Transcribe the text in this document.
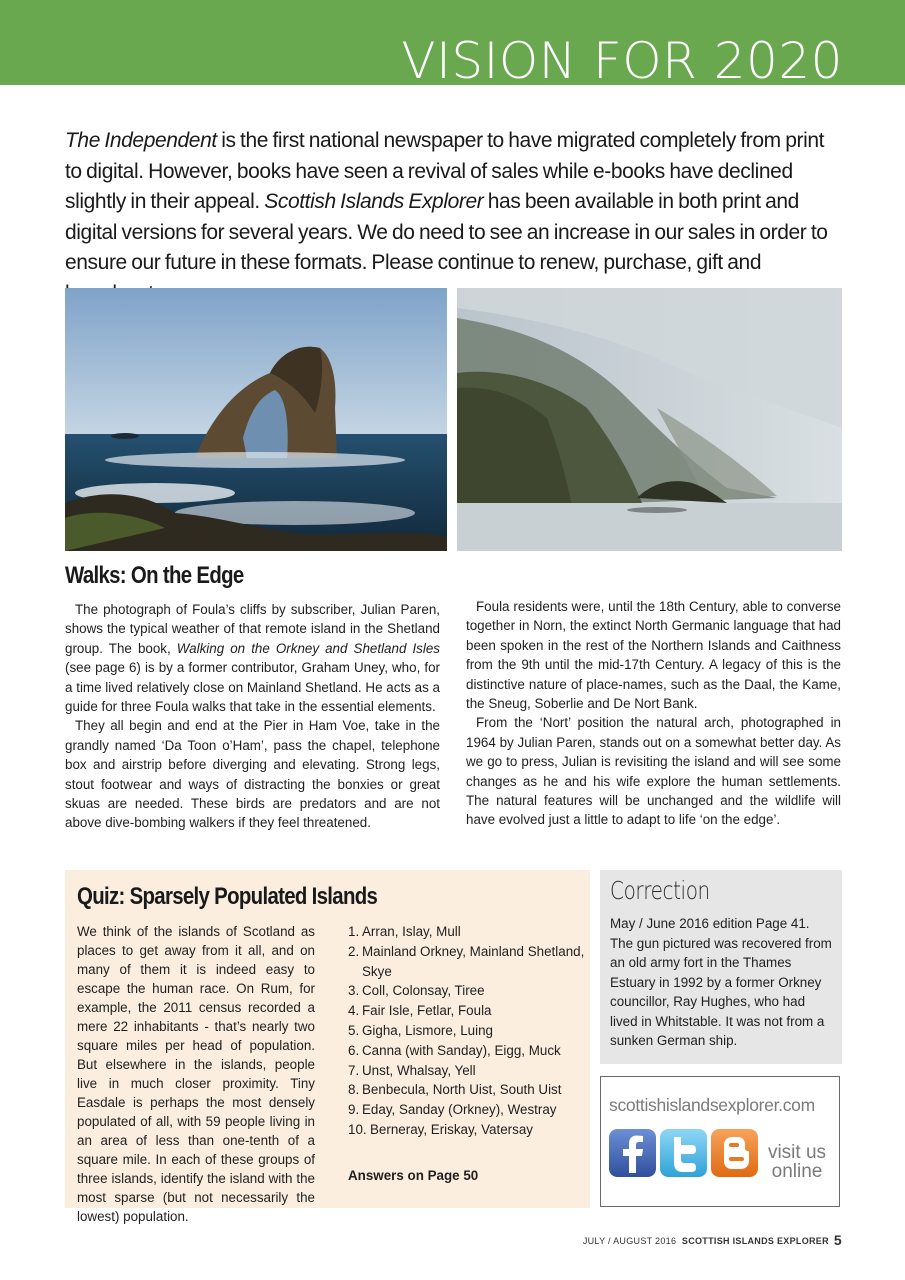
VISION FOR 2020
The Independent is the first national newspaper to have migrated completely from print to digital. However, books have seen a revival of sales while e-books have declined slightly in their appeal. Scottish Islands Explorer has been available in both print and digital versions for several years. We do need to see an increase in our sales in order to ensure our future in these formats. Please continue to renew, purchase, gift and
Walks: On the Edge

The photograph of Foula’s cliffs by subscriber, Julian Paren, shows the typical weather of that remote island in the Shetland group. The book, Walking on the Orkney and Shetland Isles (see page 6) is by a former contributor, Graham Uney, who, for a time lived relatively close on Mainland Shetland. He acts as a guide for three Foula walks that take in the essential elements.

They all begin and end at the Pier in Ham Voe, take in the grandly named ‘Da Toon o’Ham’, pass the chapel, telephone box and airstrip before diverging and elevating. Strong legs, stout footwear and ways of distracting the bonxies or great skuas are needed. These birds are predators and are not above dive-bombing walkers if they feel threatened.

Foula residents were, until the 18th Century, able to converse together in Norn, the extinct North Germanic language that had been spoken in the rest of the Northern Islands and Caithness from the 9th until the mid-17th Century. A legacy of this is the distinctive nature of place-names, such as the Daal, the Kame, the Sneug, Soberlie and De Nort Bank.

From the ‘Nort’ position the natural arch, photographed in 1964 by Julian Paren, stands out on a somewhat better day. As we go to press, Julian is revisiting the island and will see some changes as he and his wife explore the human settlements. The natural features will be unchanged and the wildlife will have evolved just a little to adapt to life ‘on the edge’.

Quiz: Sparsely Populated Islands
We think of the islands of Scotland as places to get away from it all, and on many of them it is indeed easy to escape the human race. On Rum, for example, the 2011 census recorded a mere 22 inhabitants - that’s nearly two square miles per head of population. But elsewhere in the islands, people live in much closer proximity. Tiny Easdale is perhaps the most densely populated of all, with 59 people living in an area of less than one-tenth of a square mile. In each of these groups of three islands, identify the island with the most sparse (but not necessarily the lowest) population.
1. Arran, Islay, Mull
2. Mainland Orkney, Mainland Shetland, Skye
3. Coll, Colonsay, Tiree
4. Fair Isle, Fetlar, Foula
5. Gigha, Lismore, Luing
6. Canna (with Sanday), Eigg, Muck
7. Unst, Whalsay, Yell
8. Benbecula, North Uist, South Uist
9. Eday, Sanday (Orkney), Westray
10. Berneray, Eriskay, Vatersay
Answers on Page 50
Correction
May / June 2016 edition Page 41. The gun pictured was recovered from an old army fort in the Thames Estuary in 1992 by a former Orkney councillor, Ray Hughes, who had lived in Whitstable. It was not from a sunken German ship.
scottishislandsexplorer.com
visit us
online
JULY / AUGUST 2016 SCOTTISH ISLANDS EXPLORER 5
